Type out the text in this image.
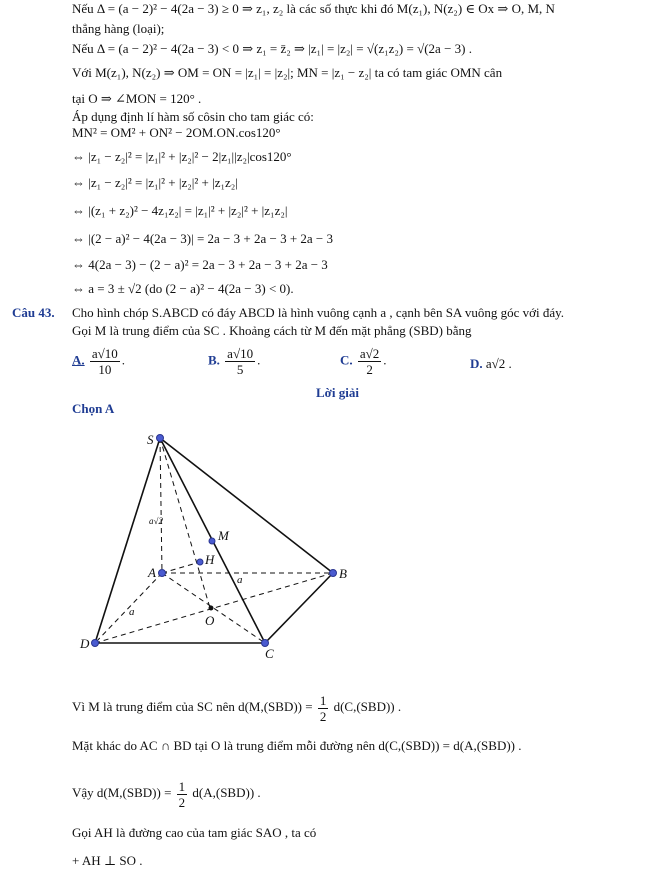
Nếu Δ = (a − 2)² − 4(2a − 3) ≥ 0 ⇒ z₁, z₂ là các số thực khi đó M(z₁), N(z₂) ∈ Ox ⇒ O, M, N
thẳng hàng (loại);
Nếu Δ = (a − 2)² − 4(2a − 3) < 0 ⇒ z₁ = z̄₂ ⇒ |z₁| = |z₂| = √(z₁z₂) = √(2a − 3) .
Với M(z₁), N(z₂) ⇒ OM = ON = |z₁| = |z₂|; MN = |z₁ − z₂| ta có tam giác OMN cân
tại O ⇒ ∠MON = 120° .
Áp dụng định lí hàm số côsin cho tam giác có:
MN² = OM² + ON² − 2OM.ON.cos120°
⇔ |z₁ − z₂|² = |z₁|² + |z₂|² − 2|z₁||z₂|cos120°
⇔ |z₁ − z₂|² = |z₁|² + |z₂|² + |z₁z₂|
⇔ |(z₁ + z₂)² − 4z₁z₂| = |z₁|² + |z₂|² + |z₁z₂|
⇔ |(2 − a)² − 4(2a − 3)| = 2a − 3 + 2a − 3 + 2a − 3
⇔ 4(2a − 3) − (2 − a)² = 2a − 3 + 2a − 3 + 2a − 3
⇔ a = 3 ± √2 (do (2 − a)² − 4(2a − 3) < 0).
Câu 43. Cho hình chóp S.ABCD có đáy ABCD là hình vuông cạnh a , cạnh bên SA vuông góc với đáy.
Gọi M là trung điểm của SC . Khoảng cách từ M đến mặt phẳng (SBD) bằng
A. $\frac{a√10}{10}$ .	B. $\frac{a√10}{5}$ .	C. $\frac{a√2}{2}$ .	D. a√2 .
Lời giải
Chọn A
S
A	B
C
D
M
H
O
a
a
a√2
Vì M là trung điểm của SC nên $d(M,(SBD)) = \frac{1}{2} d(C,(SBD))$ .
Mặt khác do AC ∩ BD tại O là trung điểm mỗi đường nên d(C,(SBD)) = d(A,(SBD)) .
Vậy $d(M,(SBD)) = \frac{1}{2} d(A,(SBD))$ .
Gọi AH là đường cao của tam giác SAO , ta có
+ AH ⊥ SO .
